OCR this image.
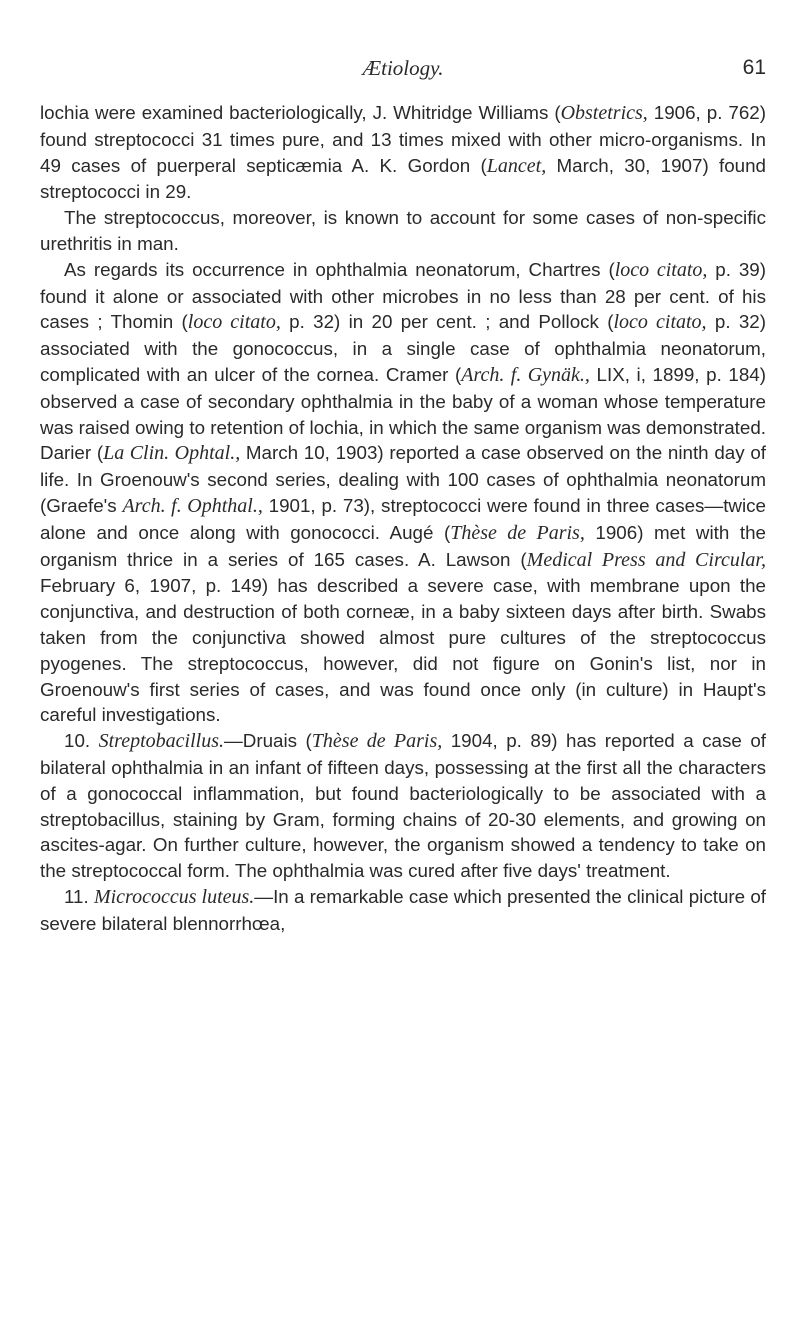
Ætiology.	61

lochia were examined bacteriologically, J. Whitridge Williams (Obstetrics, 1906, p. 762) found streptococci 31 times pure, and 13 times mixed with other micro-organisms. In 49 cases of puerperal septicæmia A. K. Gordon (Lancet, March, 30, 1907) found streptococci in 29.

The streptococcus, moreover, is known to account for some cases of non-specific urethritis in man.

As regards its occurrence in ophthalmia neonatorum, Chartres (loco citato, p. 39) found it alone or associated with other microbes in no less than 28 per cent. of his cases ; Thomin (loco citato, p. 32) in 20 per cent. ; and Pollock (loco citato, p. 32) associated with the gonococcus, in a single case of ophthalmia neonatorum, complicated with an ulcer of the cornea. Cramer (Arch. f. Gynäk., LIX, i, 1899, p. 184) observed a case of secondary ophthalmia in the baby of a woman whose temperature was raised owing to retention of lochia, in which the same organism was demonstrated. Darier (La Clin. Ophtal., March 10, 1903) reported a case observed on the ninth day of life. In Groenouw's second series, dealing with 100 cases of ophthalmia neonatorum (Graefe's Arch. f. Ophthal., 1901, p. 73), streptococci were found in three cases—twice alone and once along with gonococci. Augé (Thèse de Paris, 1906) met with the organism thrice in a series of 165 cases. A. Lawson (Medical Press and Circular, February 6, 1907, p. 149) has described a severe case, with membrane upon the conjunctiva, and destruction of both corneæ, in a baby sixteen days after birth. Swabs taken from the conjunctiva showed almost pure cultures of the streptococcus pyogenes. The streptococcus, however, did not figure on Gonin's list, nor in Groenouw's first series of cases, and was found once only (in culture) in Haupt's careful investigations.

10. Streptobacillus.—Druais (Thèse de Paris, 1904, p. 89) has reported a case of bilateral ophthalmia in an infant of fifteen days, possessing at the first all the characters of a gonococcal inflammation, but found bacteriologically to be associated with a streptobacillus, staining by Gram, forming chains of 20-30 elements, and growing on ascites-agar. On further culture, however, the organism showed a tendency to take on the streptococcal form. The ophthalmia was cured after five days' treatment.

11. Micrococcus luteus.—In a remarkable case which presented the clinical picture of severe bilateral blennorrhœa,
